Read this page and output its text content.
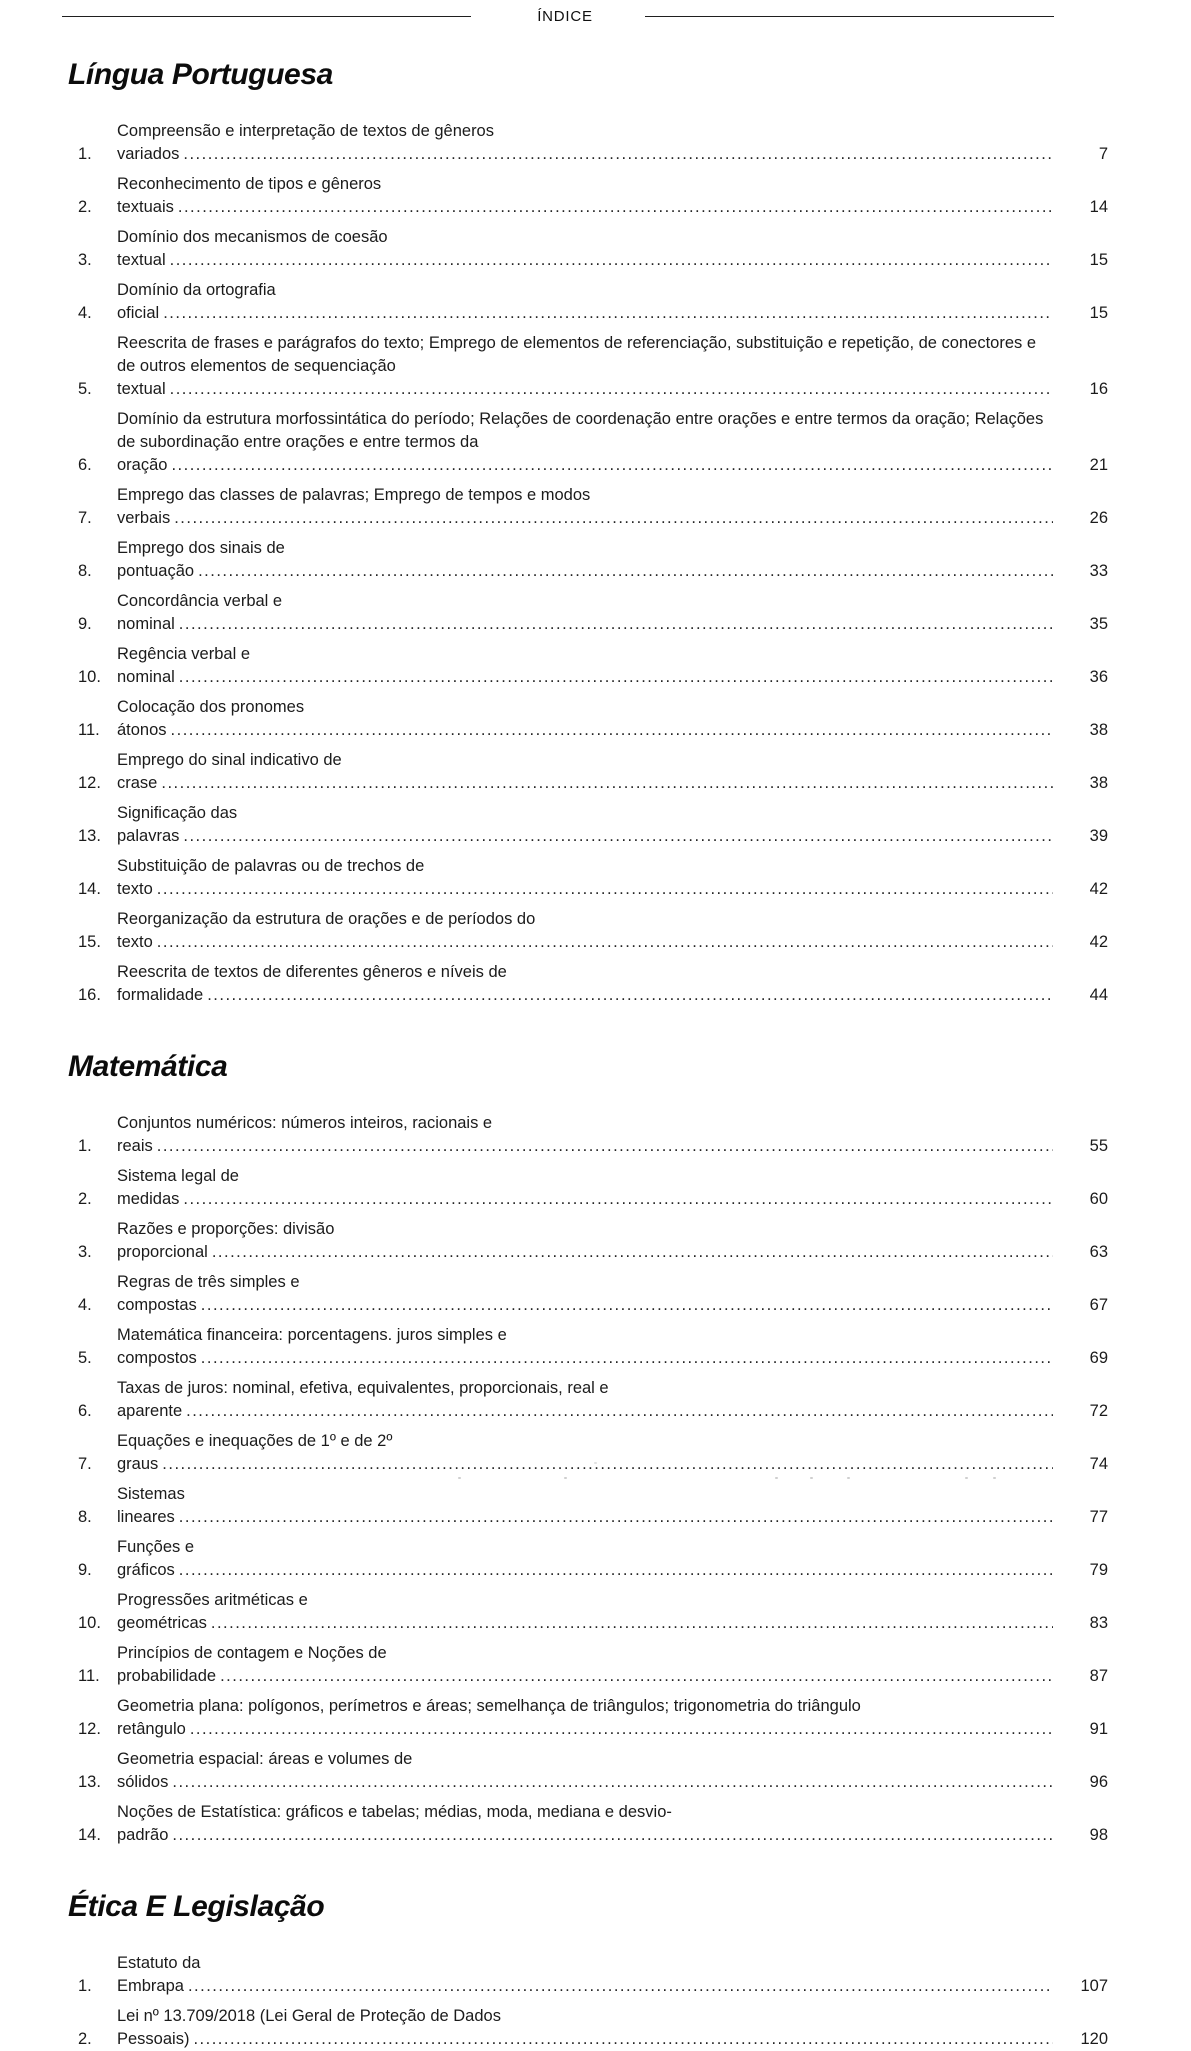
ÍNDICE
Língua Portuguesa
1.
Compreensão e interpretação de textos de gêneros variados .....	7
2.
Reconhecimento de tipos e gêneros textuais .....	14
3.
Domínio dos mecanismos de coesão textual .....	15
4.
Domínio da ortografia oficial .....	15
5.
Reescrita de frases e parágrafos do texto; Emprego de elementos de referenciação, substituição e repetição, de conectores e de outros elementos de sequenciação textual .....	16
6.
Domínio da estrutura morfossintática do período; Relações de coordenação entre orações e entre termos da oração; Relações de subordinação entre orações e entre termos da oração .....	21
7.
Emprego das classes de palavras; Emprego de tempos e modos verbais .....	26
8.
Emprego dos sinais de pontuação .....	33
9.
Concordância verbal e nominal .....	35
10.
Regência verbal e nominal .....	36
11.
Colocação dos pronomes átonos .....	38
12.
Emprego do sinal indicativo de crase .....	38
13.
Significação das palavras .....	39
14.
Substituição de palavras ou de trechos de texto .....	42
15.
Reorganização da estrutura de orações e de períodos do texto .....	42
16.
Reescrita de textos de diferentes gêneros e níveis de formalidade .....	44
Matemática
1.
Conjuntos numéricos: números inteiros, racionais e reais .....	55
2.
Sistema legal de medidas .....	60
3.
Razões e proporções: divisão proporcional .....	63
4.
Regras de três simples e compostas .....	67
5.
Matemática financeira: porcentagens. juros simples e compostos .....	69
6.
Taxas de juros: nominal, efetiva, equivalentes, proporcionais, real e aparente .....	72
7.
Equações e inequações de 1º e de 2º graus .....	74
8.
Sistemas lineares .....	77
9.
Funções e gráficos .....	79
10.
Progressões aritméticas e geométricas .....	83
11.
Princípios de contagem e Noções de probabilidade .....	87
12.
Geometria plana: polígonos, perímetros e áreas; semelhança de triângulos; trigonometria do triângulo retângulo .....	91
13.
Geometria espacial: áreas e volumes de sólidos .....	96
14.
Noções de Estatística: gráficos e tabelas; médias, moda, mediana e desvio-padrão .....	98
Ética E Legislação
1.
Estatuto da Embrapa .....	107
2.
Lei nº 13.709/2018 (Lei Geral de Proteção de Dados Pessoais) .....	120
